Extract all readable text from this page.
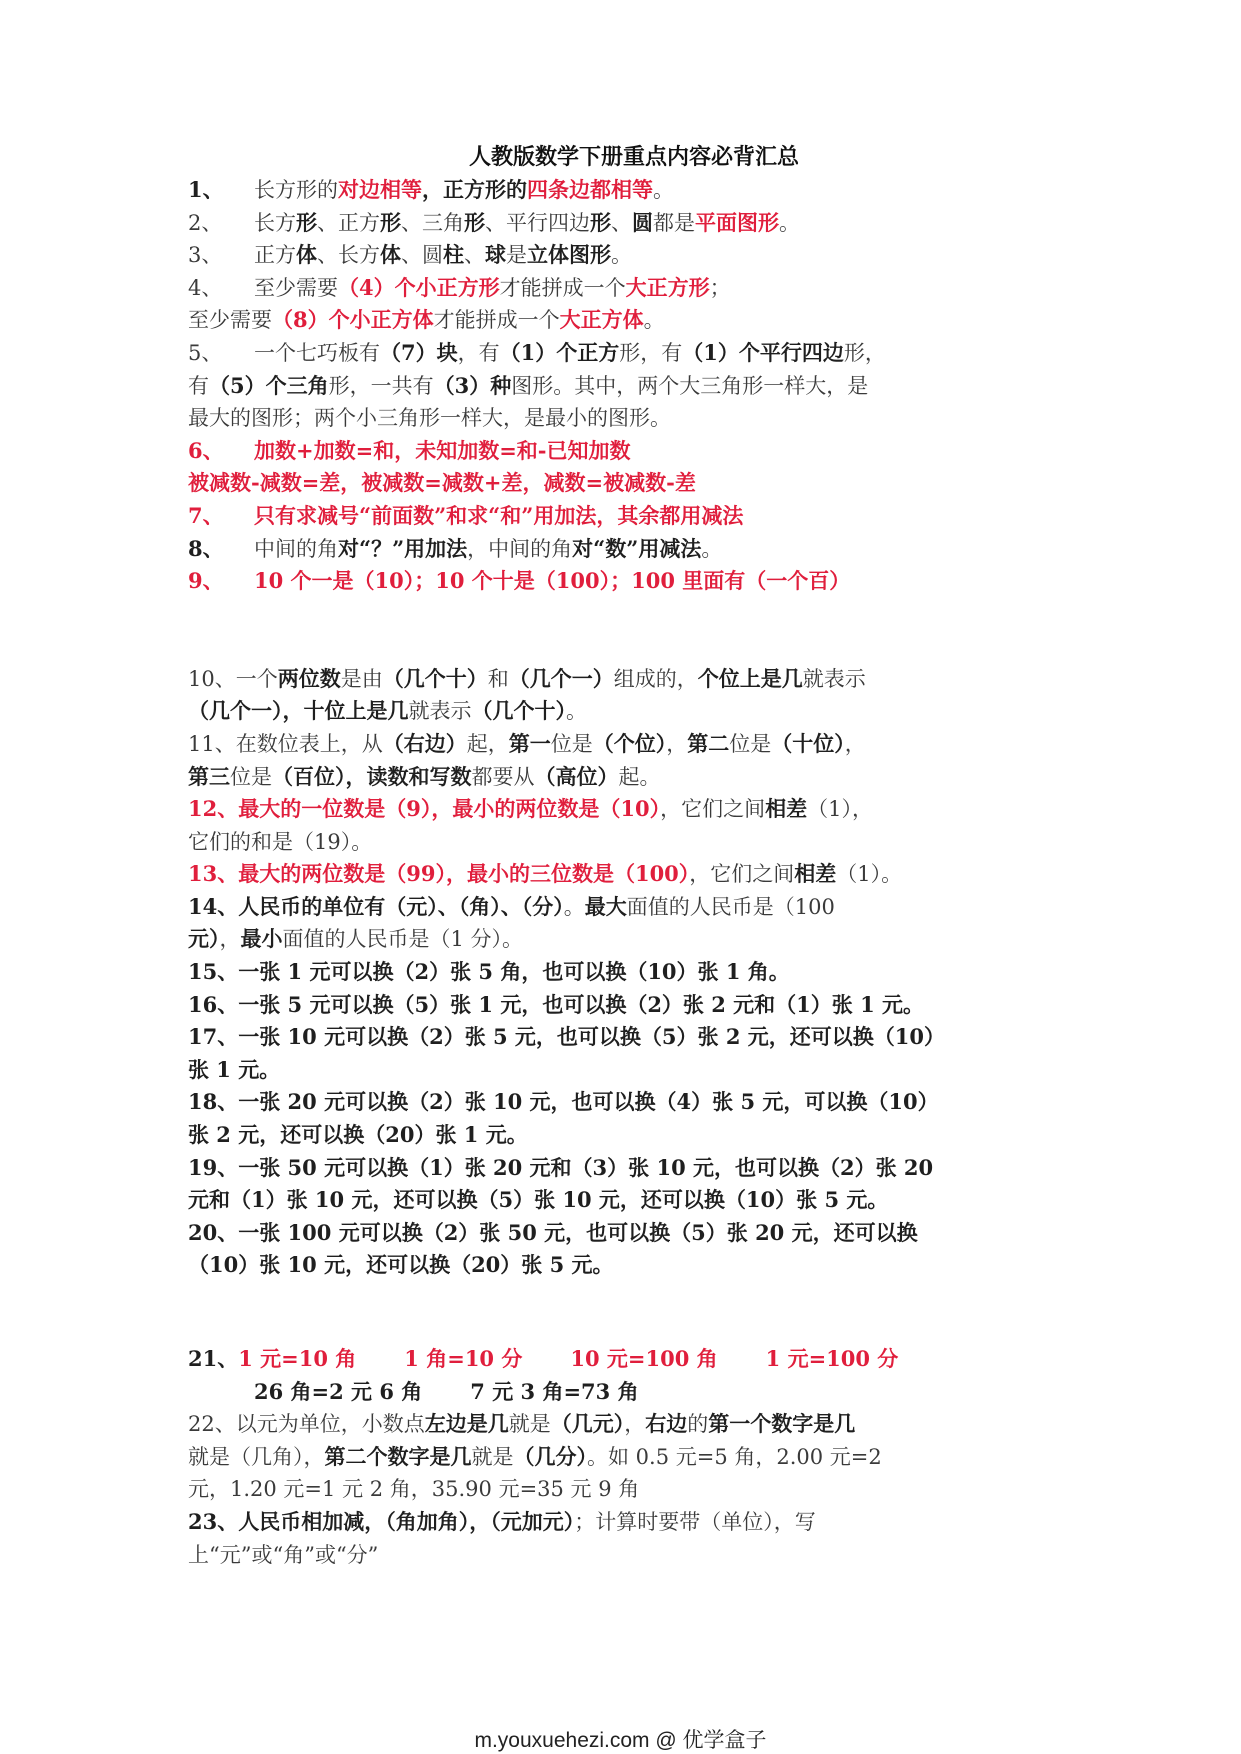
人教版数学下册重点内容必背汇总
1、 长方形的对边相等，正方形的四条边都相等。
2、 长方形、正方形、三角形、平行四边形、圆都是平面图形。
3、 正方体、长方体、圆柱、球是立体图形。
4、 至少需要（4）个小正方形才能拼成一个大正方形；
至少需要（8）个小正方体才能拼成一个大正方体。
5、 一个七巧板有（7）块，有（1）个正方形，有（1）个平行四边形，
有（5）个三角形，一共有（3）种图形。其中，两个大三角形一样大，是
最大的图形；两个小三角形一样大，是最小的图形。
6、 加数+加数=和，未知加数=和-已知加数
被减数-减数=差，被减数=减数+差，减数=被减数-差
7、 只有求减号“前面数”和求“和”用加法，其余都用减法
8、 中间的角对“？”用加法，中间的角对“数”用减法。
9、 10 个一是（10）；10 个十是（100）；100 里面有（一个百）
10、一个两位数是由（几个十）和（几个一）组成的，个位上是几就表示
（几个一），十位上是几就表示（几个十）。
11、在数位表上，从（右边）起，第一位是（个位），第二位是（十位），
第三位是（百位），读数和写数都要从（高位）起。
12、最大的一位数是（9），最小的两位数是（10），它们之间相差（1），
它们的和是（19）。
13、最大的两位数是（99），最小的三位数是（100），它们之间相差（1）。
14、人民币的单位有（元）、（角）、（分）。最大面值的人民币是（100
元），最小面值的人民币是（1 分）。
15、一张 1 元可以换（2）张 5 角，也可以换（10）张 1 角。
16、一张 5 元可以换（5）张 1 元，也可以换（2）张 2 元和（1）张 1 元。
17、一张 10 元可以换（2）张 5 元，也可以换（5）张 2 元，还可以换（10）
张 1 元。
18、一张 20 元可以换（2）张 10 元，也可以换（4）张 5 元，可以换（10）
张 2 元，还可以换（20）张 1 元。
19、一张 50 元可以换（1）张 20 元和（3）张 10 元，也可以换（2）张 20
元和（1）张 10 元，还可以换（5）张 10 元，还可以换（10）张 5 元。
20、一张 100 元可以换（2）张 50 元，也可以换（5）张 20 元，还可以换
（10）张 10 元，还可以换（20）张 5 元。
21、1 元=10 角 1 角=10 分 10 元=100 角 1 元=100 分
26 角=2 元 6 角 7 元 3 角=73 角
22、以元为单位，小数点左边是几就是（几元），右边的第一个数字是几
就是（几角），第二个数字是几就是（几分）。如 0.5 元=5 角，2.00 元=2
元，1.20 元=1 元 2 角，35.90 元=35 元 9 角
23、人民币相加减，（角加角），（元加元）；计算时要带（单位），写
上“元”或“角”或“分”
m.youxuehezi.com @ 优学盒子
